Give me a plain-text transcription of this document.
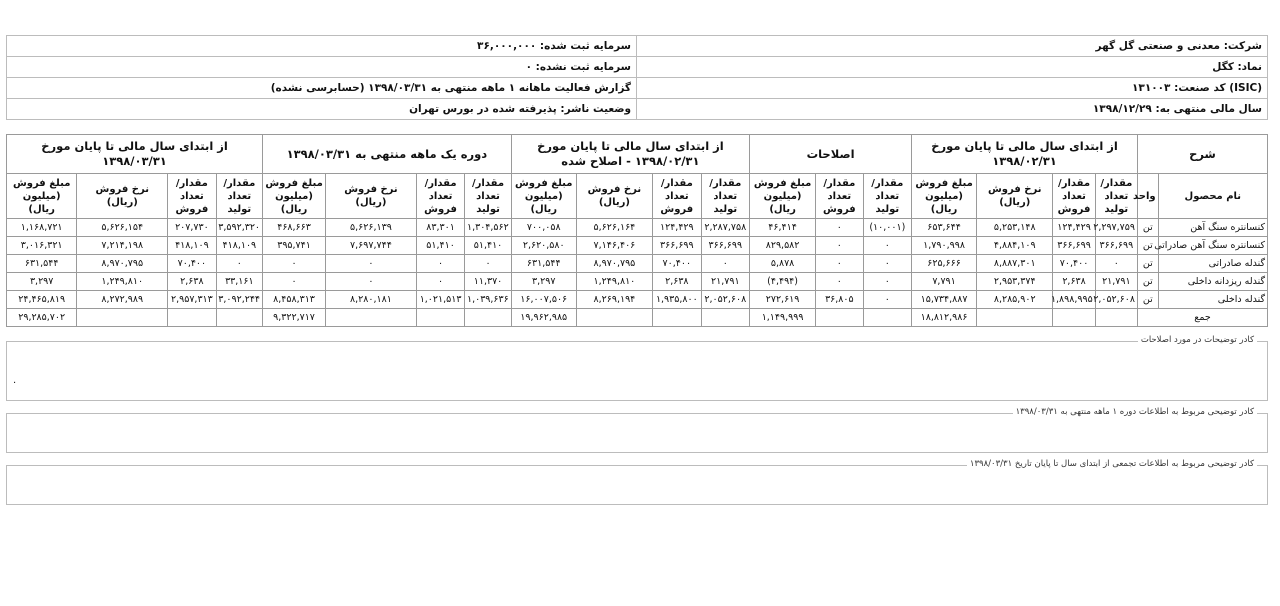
شرکت: معدنی و صنعتی گل گهر	سرمایه ثبت شده: ۳۶,۰۰۰,۰۰۰
نماد: کگل	سرمایه ثبت نشده: ۰
(ISIC) کد صنعت: ۱۳۱۰۰۳	گزارش فعالیت ماهانه ۱ ماهه منتهی به ۱۳۹۸/۰۳/۳۱ (حسابرسی نشده)
سال مالی منتهی به: ۱۳۹۸/۱۲/۲۹	وضعیت ناشر: پذیرفته شده در بورس تهران
شرح		از ابتدای سال مالی تا پایان مورخ ۱۳۹۸/۰۲/۳۱				اصلاحات			از ابتدای سال مالی تا پایان مورخ ۱۳۹۸/۰۲/۳۱ - اصلاح شده				دوره یک ماهه منتهی به ۱۳۹۸/۰۳/۳۱				از ابتدای سال مالی تا پایان مورخ ۱۳۹۸/۰۳/۳۱			
نام محصول	واحد	مقدار/تعداد تولید	مقدار/تعداد فروش	نرخ فروش (ریال)	مبلغ فروش (میلیون ریال)	مقدار/تعداد تولید	مقدار/تعداد فروش	مبلغ فروش (میلیون ریال)	مقدار/تعداد تولید	مقدار/تعداد فروش	نرخ فروش (ریال)	مبلغ فروش (میلیون ریال)	مقدار/تعداد تولید	مقدار/تعداد فروش	نرخ فروش (ریال)	مبلغ فروش (میلیون ریال)	مقدار/تعداد تولید	مقدار/تعداد فروش	نرخ فروش (ریال)	مبلغ فروش (میلیون ریال)
کنسانتره سنگ آهن	تن	۲,۲۹۷,۷۵۹	۱۲۴,۴۲۹	۵,۲۵۳,۱۴۸	۶۵۳,۶۴۴	(۱۰,۰۰۱)	۰	۴۶,۴۱۴	۲,۲۸۷,۷۵۸	۱۲۴,۴۲۹	۵,۶۲۶,۱۶۴	۷۰۰,۰۵۸	۱,۳۰۴,۵۶۲	۸۳,۳۰۱	۵,۶۲۶,۱۳۹	۴۶۸,۶۶۳	۳,۵۹۲,۳۲۰	۲۰۷,۷۳۰	۵,۶۲۶,۱۵۴	۱,۱۶۸,۷۲۱
کنسانتره سنگ آهن صادراتی	تن	۳۶۶,۶۹۹	۳۶۶,۶۹۹	۴,۸۸۴,۱۰۹	۱,۷۹۰,۹۹۸	۰	۰	۸۲۹,۵۸۲	۳۶۶,۶۹۹	۳۶۶,۶۹۹	۷,۱۴۶,۴۰۶	۲,۶۲۰,۵۸۰	۵۱,۴۱۰	۵۱,۴۱۰	۷,۶۹۷,۷۴۴	۳۹۵,۷۴۱	۴۱۸,۱۰۹	۴۱۸,۱۰۹	۷,۲۱۴,۱۹۸	۳,۰۱۶,۳۲۱
گندله صادراتی	تن	۰	۷۰,۴۰۰	۸,۸۸۷,۳۰۱	۶۲۵,۶۶۶	۰	۰	۵,۸۷۸	۰	۷۰,۴۰۰	۸,۹۷۰,۷۹۵	۶۳۱,۵۴۴	۰	۰	۰	۰	۰	۷۰,۴۰۰	۸,۹۷۰,۷۹۵	۶۳۱,۵۴۴
گندله ریزدانه داخلی	تن	۲۱,۷۹۱	۲,۶۳۸	۲,۹۵۳,۳۷۴	۷,۷۹۱	۰	۰	(۴,۴۹۴)	۲۱,۷۹۱	۲,۶۳۸	۱,۲۴۹,۸۱۰	۳,۲۹۷	۱۱,۳۷۰	۰	۰	۰	۳۳,۱۶۱	۲,۶۳۸	۱,۲۴۹,۸۱۰	۳,۲۹۷
گندله داخلی	تن	۲,۰۵۲,۶۰۸	۱,۸۹۸,۹۹۵	۸,۲۸۵,۹۰۲	۱۵,۷۳۴,۸۸۷	۰	۳۶,۸۰۵	۲۷۲,۶۱۹	۲,۰۵۲,۶۰۸	۱,۹۳۵,۸۰۰	۸,۲۶۹,۱۹۴	۱۶,۰۰۷,۵۰۶	۱,۰۳۹,۶۳۶	۱,۰۲۱,۵۱۳	۸,۲۸۰,۱۸۱	۸,۴۵۸,۳۱۳	۳,۰۹۲,۲۴۴	۲,۹۵۷,۳۱۳	۸,۲۷۲,۹۸۹	۲۴,۴۶۵,۸۱۹
جمع					۱۸,۸۱۲,۹۸۶			۱,۱۴۹,۹۹۹				۱۹,۹۶۲,۹۸۵				۹,۳۲۲,۷۱۷				۲۹,۲۸۵,۷۰۲
کادر توضیحات در مورد اصلاحات
.
کادر توضیحی مربوط به اطلاعات دوره ۱ ماهه منتهی به ۱۳۹۸/۰۳/۳۱
کادر توضیحی مربوط به اطلاعات تجمعی از ابتدای سال تا پایان تاریخ ۱۳۹۸/۰۳/۳۱
